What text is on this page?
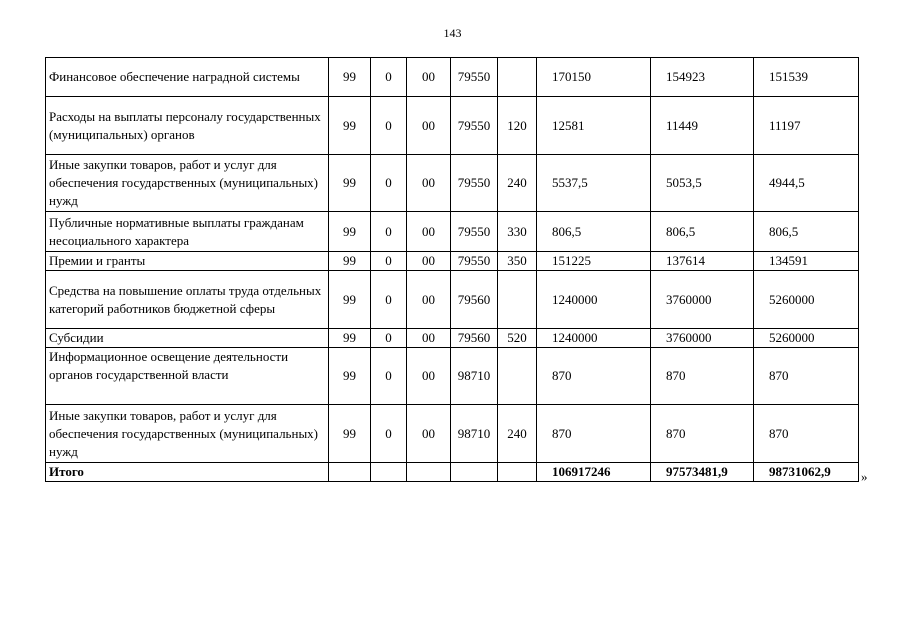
143
Финансовое обеспечение наградной системы	99	0	00	79550		170150	154923	151539
Расходы на выплаты персоналу государственных (муниципальных) органов	99	0	00	79550	120	12581	11449	11197
Иные закупки товаров, работ и услуг для обеспечения государственных (муниципальных) нужд	99	0	00	79550	240	5537,5	5053,5	4944,5
Публичные нормативные выплаты гражданам несоциального характера	99	0	00	79550	330	806,5	806,5	806,5
Премии и гранты	99	0	00	79550	350	151225	137614	134591
Средства на повышение оплаты труда отдельных категорий работников бюджетной сферы	99	0	00	79560		1240000	3760000	5260000
Субсидии	99	0	00	79560	520	1240000	3760000	5260000
Информационное освещение деятельности органов государственной власти	99	0	00	98710		870	870	870
Иные закупки товаров, работ и услуг для обеспечения государственных (муниципальных) нужд	99	0	00	98710	240	870	870	870
Итого						106917246	97573481,9	98731062,9 »
